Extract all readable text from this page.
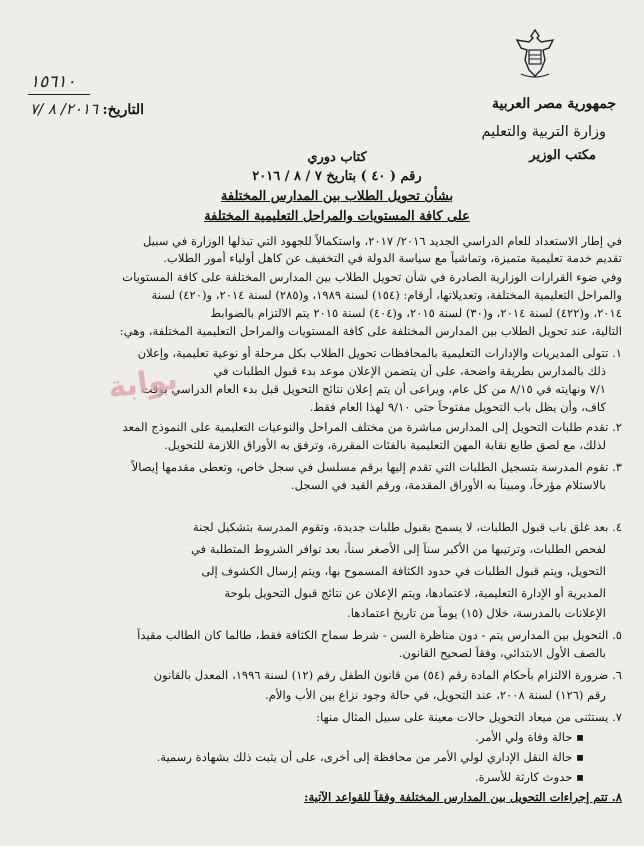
جمهورية مصر العربية
وزارة التربية والتعليم
مكتب الوزير
١٥٦١٠
التاريخ: ٢٠١٦/ ٨ /٧
كتاب دوري
رقم ( ٤٠ ) بتاريخ ٧ / ٨ / ٢٠١٦
بشأن تحويل الطلاب بين المدارس المختلفة
على كافة المستويات والمراحل التعليمية المختلفة
في إطار الاستعداد للعام الدراسي الجديد ٢٠١٦/ ٢٠١٧، واستكمالاً للجهود التي تبذلها الوزارة في سبيل
تقديم خدمة تعليمية متميزة، وتماشياً مع سياسة الدولة في التخفيف عن كاهل أولياء أمور الطلاب.
وفي ضوء القرارات الوزارية الصادرة في شأن تحويل الطلاب بين المدارس المختلفة على كافة المستويات
والمراحل التعليمية المختلفة، وتعديلاتها، أرقام: (١٥٤) لسنة ١٩٨٩، و(٢٨٥) لسنة ٢٠١٤، و(٤٢٠) لسنة
٢٠١٤، و(٤٢٢) لسنة ٢٠١٤، و(٣٠) لسنة ٢٠١٥، و(٤٠٤) لسنة ٢٠١٥ يتم الالتزام بالضوابط
التالية، عند تحويل الطلاب بين المدارس المختلفة على كافة المستويات والمراحل التعليمية المختلفة، وهي:
١. تتولى المديريات والإدارات التعليمية بالمحافظات تحويل الطلاب بكل مرحلة أو نوعية تعليمية، وإعلان
ذلك بالمدارس بطريقة واضحة، على أن يتضمن الإعلان موعد بدء قبول الطلبات في
٧/١ ونهايته في ٨/١٥ من كل عام، ويراعى أن يتم إعلان نتائج التحويل قبل بدء العام الدراسي بوقت
كاف، وأن يظل باب التحويل مفتوحاً حتى ٩/١٠ لهذا العام فقط.
٢. تقدم طلبات التحويل إلى المدارس مباشرة من مختلف المراحل والنوعيات التعليمية على النموذج المعد
لذلك، مع لصق طابع نقابة المهن التعليمية بالفئات المقررة، وترفق به الأوراق اللازمة للتحويل.
٣. تقوم المدرسة بتسجيل الطلبات التي تقدم إليها برقم مسلسل في سجل خاص، وتعطى مقدمها إيصالاً
بالاستلام مؤرخاً، ومبيناً به الأوراق المقدمة، ورقم القيد في السجل.
٤. بعد غلق باب قبول الطلبات، لا يسمح بقبول طلبات جديدة، وتقوم المدرسة بتشكيل لجنة
لفحص الطلبات، وترتيبها من الأكبر سناً إلى الأصغر سناً، بعد توافر الشروط المتطلبة في
التحويل، ويتم قبول الطلبات في حدود الكثافة المسموح بها، ويتم إرسال الكشوف إلى
المديرية أو الإدارة التعليمية، لاعتمادها، ويتم الإعلان عن نتائج قبول التحويل بلوحة
الإعلانات بالمدرسة، خلال (١٥) يوماً من تاريخ اعتمادها.
٥. التحويل بين المدارس يتم - دون مناظرة السن - شرط سماح الكثافة فقط، طالما كان الطالب مقيداً
بالصف الأول الابتدائي، وفقاً لصحيح القانون.
٦. ضرورة الالتزام بأحكام المادة رقم (٥٤) من قانون الطفل رقم (١٢) لسنة ١٩٩٦، المعدل بالقانون
رقم (١٢٦) لسنة ٢٠٠٨، عند التحويل، في حالة وجود نزاع بين الأب والأم.
٧. يستثنى من ميعاد التحويل حالات معينة على سبيل المثال منها:
▪ حالة وفاة ولي الأمر.
▪ حالة النقل الإداري لولي الأمر من محافظة إلى أخرى، على أن يثبت ذلك بشهادة رسمية.
▪ حدوث كارثة للأسرة.
٨. تتم إجراءات التحويل بين المدارس المختلفة وفقاً للقواعد الآتية:
بوابة
